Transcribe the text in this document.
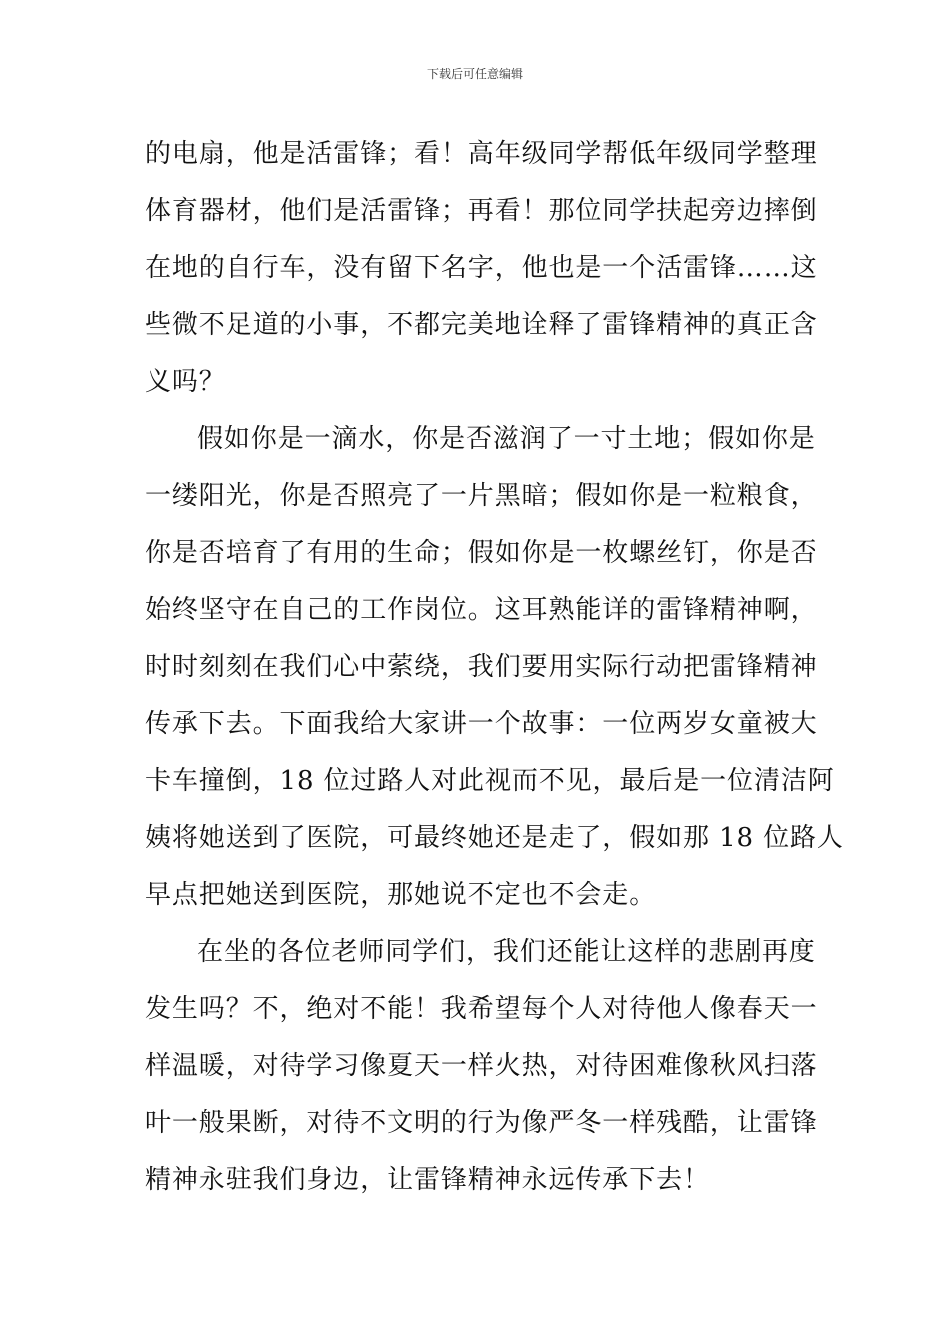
下载后可任意编辑
的电扇，他是活雷锋；看！高年级同学帮低年级同学整理
体育器材，他们是活雷锋；再看！那位同学扶起旁边摔倒
在地的自行车，没有留下名字，他也是一个活雷锋……这
些微不足道的小事，不都完美地诠释了雷锋精神的真正含
义吗？
假如你是一滴水，你是否滋润了一寸土地；假如你是
一缕阳光，你是否照亮了一片黑暗；假如你是一粒粮食，
你是否培育了有用的生命；假如你是一枚螺丝钉，你是否
始终坚守在自己的工作岗位。这耳熟能详的雷锋精神啊，
时时刻刻在我们心中萦绕，我们要用实际行动把雷锋精神
传承下去。下面我给大家讲一个故事：一位两岁女童被大
卡车撞倒，18 位过路人对此视而不见，最后是一位清洁阿
姨将她送到了医院，可最终她还是走了，假如那 18 位路人
早点把她送到医院，那她说不定也不会走。
在坐的各位老师同学们，我们还能让这样的悲剧再度
发生吗？不，绝对不能！我希望每个人对待他人像春天一
样温暖，对待学习像夏天一样火热，对待困难像秋风扫落
叶一般果断，对待不文明的行为像严冬一样残酷，让雷锋
精神永驻我们身边，让雷锋精神永远传承下去！
